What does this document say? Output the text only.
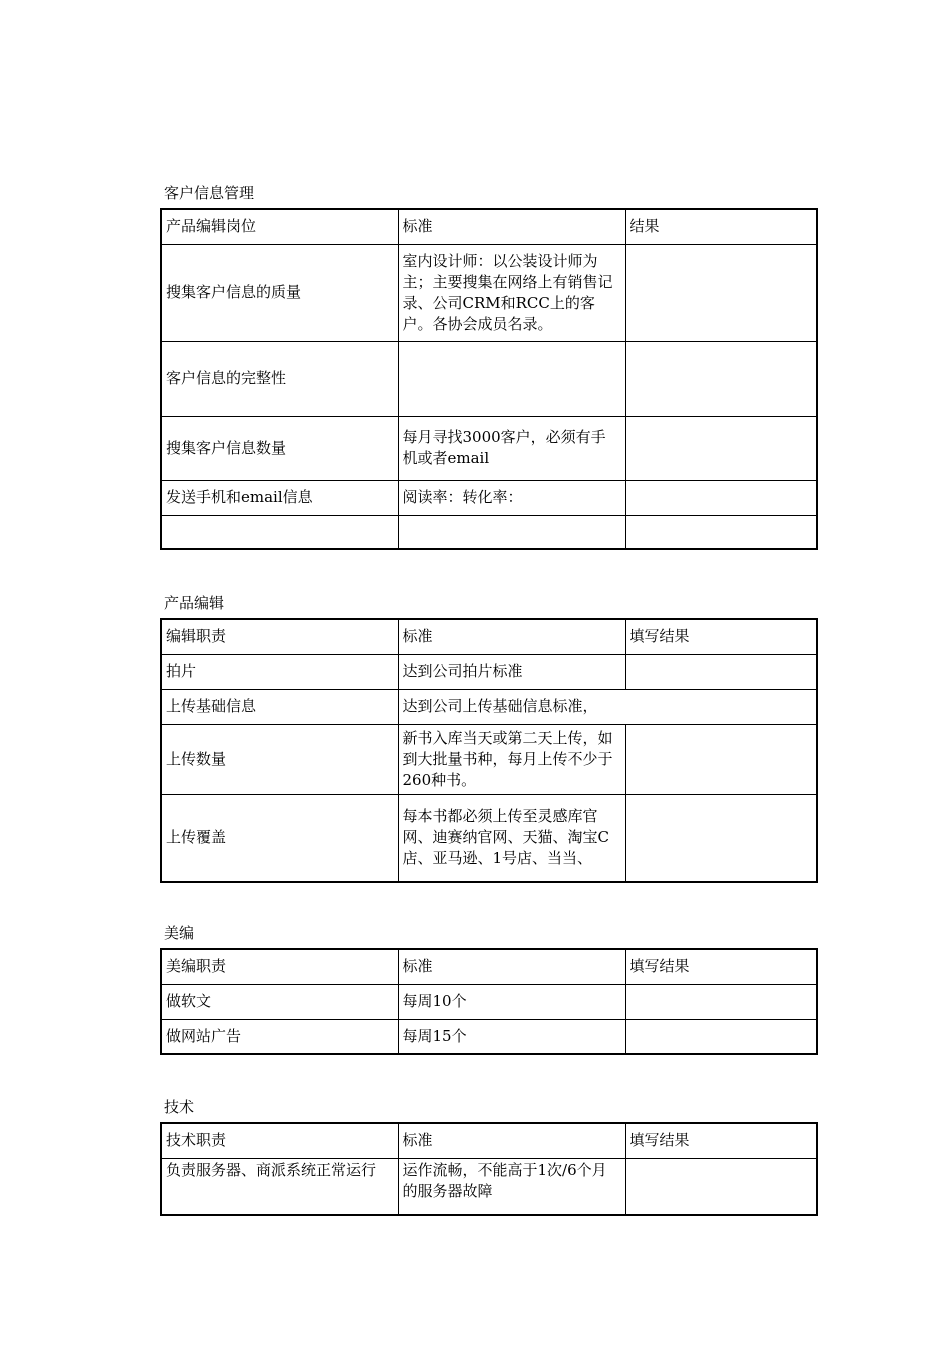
客户信息管理
产品编辑岗位	标准	结果
搜集客户信息的质量	室内设计师：以公装设计师为主；主要搜集在网络上有销售记录、公司CRM和RCC上的客户。各协会成员名录。	
客户信息的完整性		
搜集客户信息数量	每月寻找3000客户，必须有手机或者email	
发送手机和email信息	阅读率：转化率：	

产品编辑
编辑职责	标准	填写结果
拍片	达到公司拍片标准	
上传基础信息	达到公司上传基础信息标准，	
上传数量	新书入库当天或第二天上传，如到大批量书种，每月上传不少于260种书。	
上传覆盖	每本书都必须上传至灵感库官网、迪赛纳官网、天猫、淘宝C店、亚马逊、1号店、当当、	
美编
美编职责	标准	填写结果
做软文	每周10个	
做网站广告	每周15个	
技术
技术职责	标准	填写结果
负责服务器、商派系统正常运行	运作流畅，不能高于1次/6个月的服务器故障	
